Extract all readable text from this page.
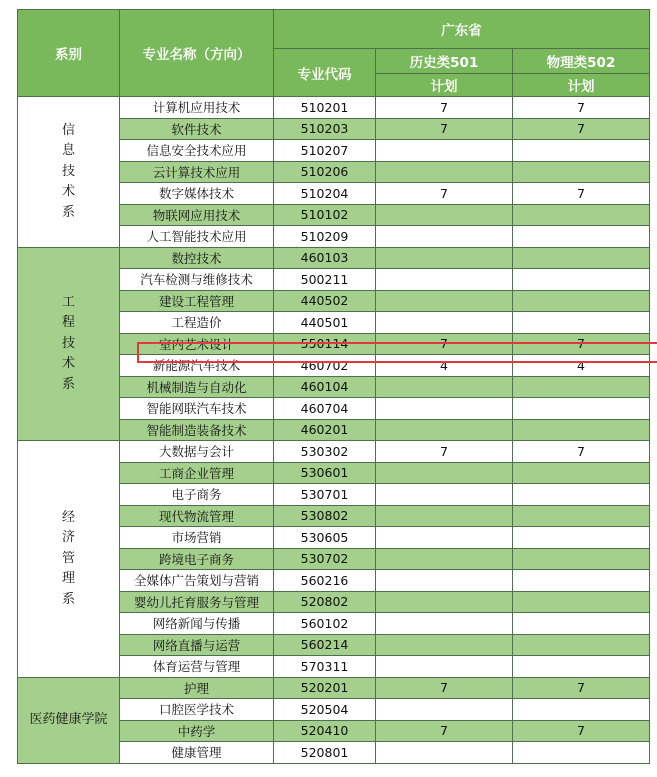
系别	专业名称（方向）	广东省		
		专业代码	历史类501	物理类502
			计划	计划

信息技术系	计算机应用技术	510201	7	7
	软件技术	510203	7	7
	信息安全技术应用	510207		
	云计算技术应用	510206		
	数字媒体技术	510204	7	7
	物联网应用技术	510102		
	人工智能技术应用	510209		

工程技术系	数控技术	460103		
	汽车检测与维修技术	500211		
	建设工程管理	440502		
	工程造价	440501		
	室内艺术设计	550114	7	7
	新能源汽车技术	460702	4	4
	机械制造与自动化	460104		
	智能网联汽车技术	460704		
	智能制造装备技术	460201		

经济管理系	大数据与会计	530302	7	7
	工商企业管理	530601		
	电子商务	530701		
	现代物流管理	530802		
	市场营销	530605		
	跨境电子商务	530702		
	全媒体广告策划与营销	560216		
	婴幼儿托育服务与管理	520802		
	网络新闻与传播	560102		
	网络直播与运营	560214		
	体育运营与管理	570311		

医药健康学院	护理	520201	7	7
	口腔医学技术	520504		
	中药学	520410	7	7
	健康管理	520801		
